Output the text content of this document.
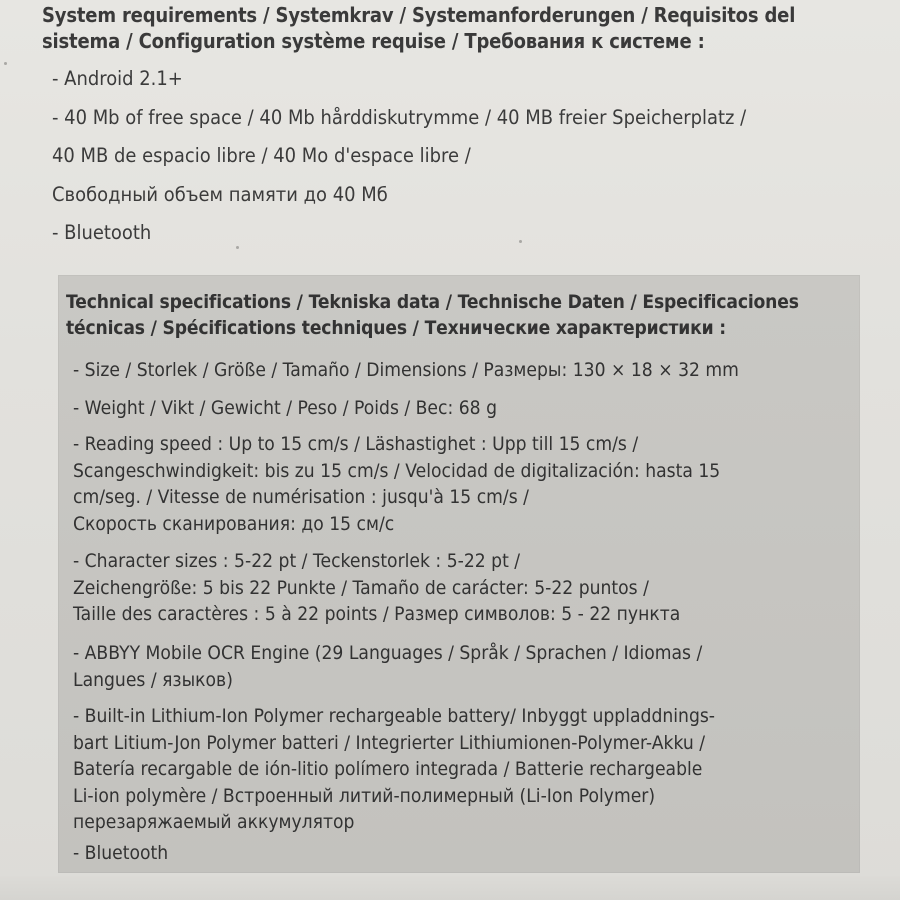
System requirements / Systemkrav / Systemanforderungen / Requisitos del
sistema / Configuration système requise / Требования к системе :
- Android 2.1+
- 40 Mb of free space / 40 Mb hårddiskutrymme / 40 MB freier Speicherplatz /
40 MB de espacio libre / 40 Mo d'espace libre /
Свободный объем памяти до 40 Мб
- Bluetooth
Technical specifications / Tekniska data / Technische Daten / Especificaciones
técnicas / Spécifications techniques / Технические характеристики :
- Size / Storlek / Größe / Tamaño / Dimensions / Размеры: 130 × 18 × 32 mm
- Weight / Vikt / Gewicht / Peso / Poids / Вес: 68 g
- Reading speed : Up to 15 cm/s / Läshastighet : Upp till 15 cm/s /
Scangeschwindigkeit: bis zu 15 cm/s / Velocidad de digitalización: hasta 15
cm/seg. / Vitesse de numérisation : jusqu'à 15 cm/s /
Скорость сканирования: до 15 см/с
- Character sizes : 5-22 pt / Teckenstorlek : 5-22 pt /
Zeichengröße: 5 bis 22 Punkte / Tamaño de carácter: 5-22 puntos /
Taille des caractères : 5 à 22 points / Размер символов: 5 - 22 пункта
- ABBYY Mobile OCR Engine (29 Languages / Språk / Sprachen / Idiomas /
Langues / языков)
- Built-in Lithium-Ion Polymer rechargeable battery/ Inbyggt uppladdnings-
bart Litium-Jon Polymer batteri / Integrierter Lithiumionen-Polymer-Akku /
Batería recargable de ión-litio polímero integrada / Batterie rechargeable
Li-ion polymère / Встроенный литий-полимерный (Li-Ion Polymer)
перезаряжаемый аккумулятор
- Bluetooth
